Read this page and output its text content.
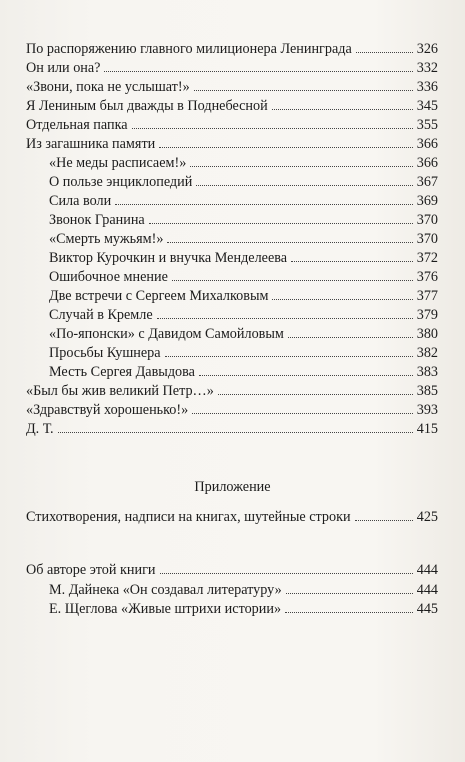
По распоряжению главного милиционера Ленинграда	326
Он или она?	332
«Звони, пока не услышат!»	336
Я Лениным был дважды в Поднебесной	345
Отдельная папка	355
Из загашника памяти	366
«Не меды расписаем!»	366
О пользе энциклопедий	367
Сила воли	369
Звонок Гранина	370
«Смерть мужьям!»	370
Виктор Курочкин и внучка Менделеева	372
Ошибочное мнение	376
Две встречи с Сергеем Михалковым	377
Случай в Кремле	379
«По-японски» с Давидом Самойловым	380
Просьбы Кушнера	382
Месть Сергея Давыдова	383
«Был бы жив великий Петр…»	385
«Здравствуй хорошенько!»	393
Д. Т.	415
Приложение
Стихотворения, надписи на книгах, шутейные строки	425
Об авторе этой книги	444
М. Дайнека «Он создавал литературу»	444
Е. Щеглова «Живые штрихи истории»	445
